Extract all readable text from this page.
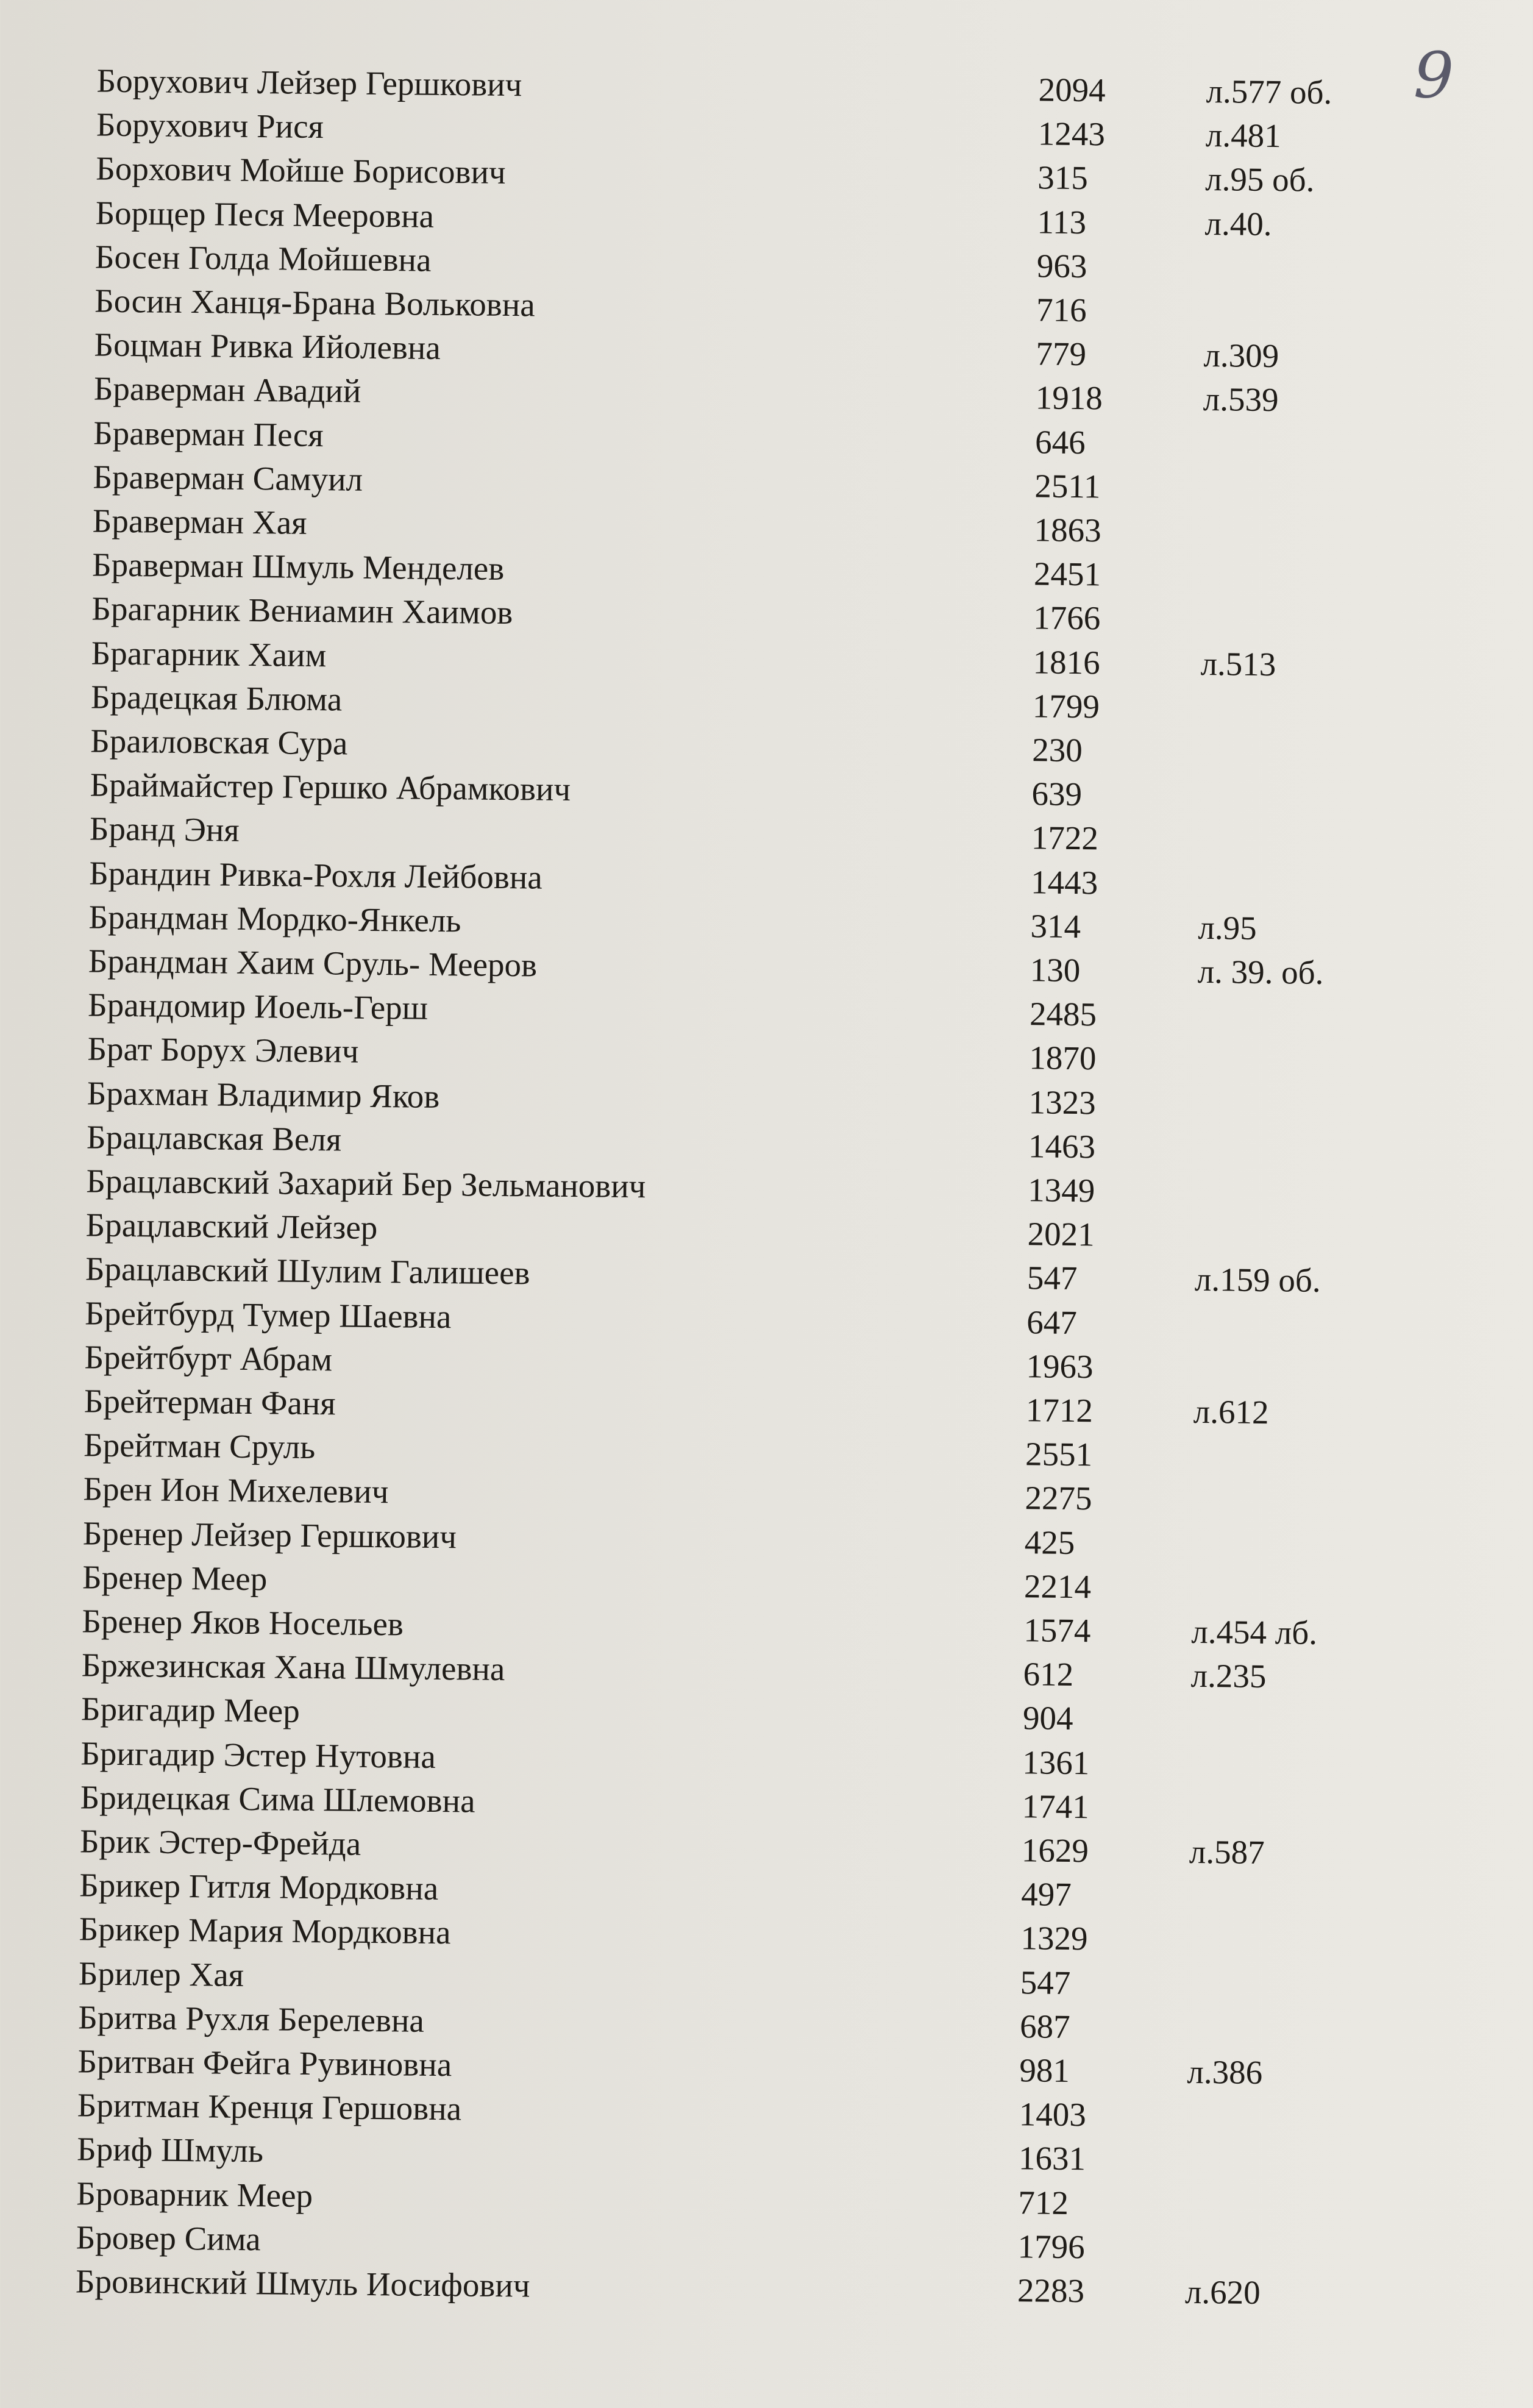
9
Борухович Лейзер Гершкович	2094	л.577 об.
Борухович Рися	1243	л.481
Борхович Мойше Борисович	315	л.95 об.
Борщер Песя Мееровна	113	л.40.
Босен Голда Мойшевна	963
Босин Ханця-Брана Вольковна	716
Боцман Ривка Ийолевна	779	л.309
Браверман Авадий	1918	л.539
Браверман Песя	646
Браверман Самуил	2511
Браверман Хая	1863
Браверман Шмуль Менделев	2451
Брагарник Вениамин Хаимов	1766
Брагарник Хаим	1816	л.513
Брадецкая Блюма	1799
Браиловская Сура	230
Браймайстер Гершко Абрамкович	639
Бранд Эня	1722
Брандин Ривка-Рохля Лейбовна	1443
Брандман Мордко-Янкель	314	л.95
Брандман Хаим Сруль- Мееров	130	л. 39. об.
Брандомир Иоель-Герш	2485
Брат Борух Элевич	1870
Брахман Владимир Яков	1323
Брацлавская Веля	1463
Брацлавский Захарий Бер Зельманович	1349
Брацлавский Лейзер	2021
Брацлавский Шулим Галишеев	547	л.159 об.
Брейтбурд Тумер Шаевна	647
Брейтбурт Абрам	1963
Брейтерман Фаня	1712	л.612
Брейтман Сруль	2551
Брен Ион Михелевич	2275
Бренер Лейзер Гершкович	425
Бренер Меер	2214
Бренер Яков Носельев	1574	л.454 лб.
Бржезинская Хана Шмулевна	612	л.235
Бригадир Меер	904
Бригадир Эстер Нутовна	1361
Бридецкая Сима Шлемовна	1741
Брик Эстер-Фрейда	1629	л.587
Брикер Гитля Мордковна	497
Брикер Мария Мордковна	1329
Брилер Хая	547
Бритва Рухля Берелевна	687
Бритван Фейга Рувиновна	981	л.386
Бритман Кренця Гершовна	1403
Бриф Шмуль	1631
Броварник Меер	712
Бровер Сима	1796
Бровинский Шмуль Иосифович	2283	л.620
